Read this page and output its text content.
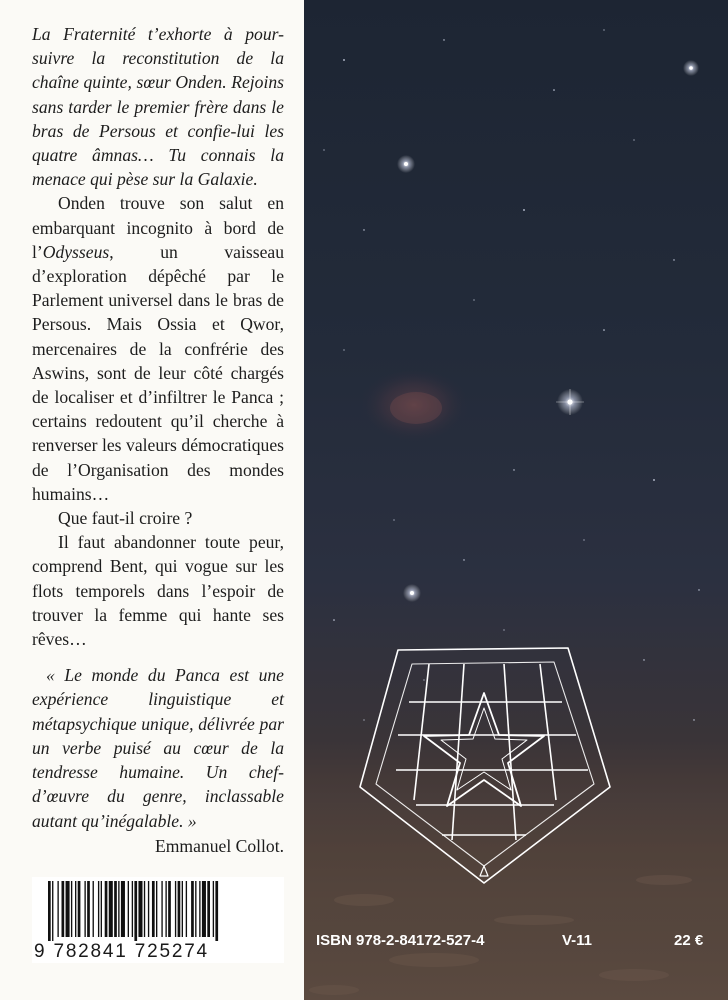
La Fraternité t’exhorte à pour-suivre la reconstitution de la chaîne quinte, sœur Onden. Rejoins sans tarder le premier frère dans le bras de Persous et confie-lui les quatre âmnas… Tu connais la menace qui pèse sur la Galaxie.

Onden trouve son salut en embarquant incognito à bord de l’Odysseus, un vaisseau d’exploration dépêché par le Parlement universel dans le bras de Persous. Mais Ossia et Qwor, mercenaires de la confrérie des Aswins, sont de leur côté chargés de localiser et d’infiltrer le Panca ; certains redoutent qu’il cherche à renverser les valeurs démocratiques de l’Organisation des mondes humains…

Que faut-il croire ?

Il faut abandonner toute peur, comprend Bent, qui vogue sur les flots temporels dans l’espoir de trouver la femme qui hante ses rêves…

« Le monde du Panca est une expérience linguistique et métapsychique unique, délivrée par un verbe puisé au cœur de la tendresse humaine. Un chef-d’œuvre du genre, inclassable autant qu’inégalable. »

Emmanuel Collot.

9 782841 725274
ISBN 978-2-84172-527-4	V-11	22 €
